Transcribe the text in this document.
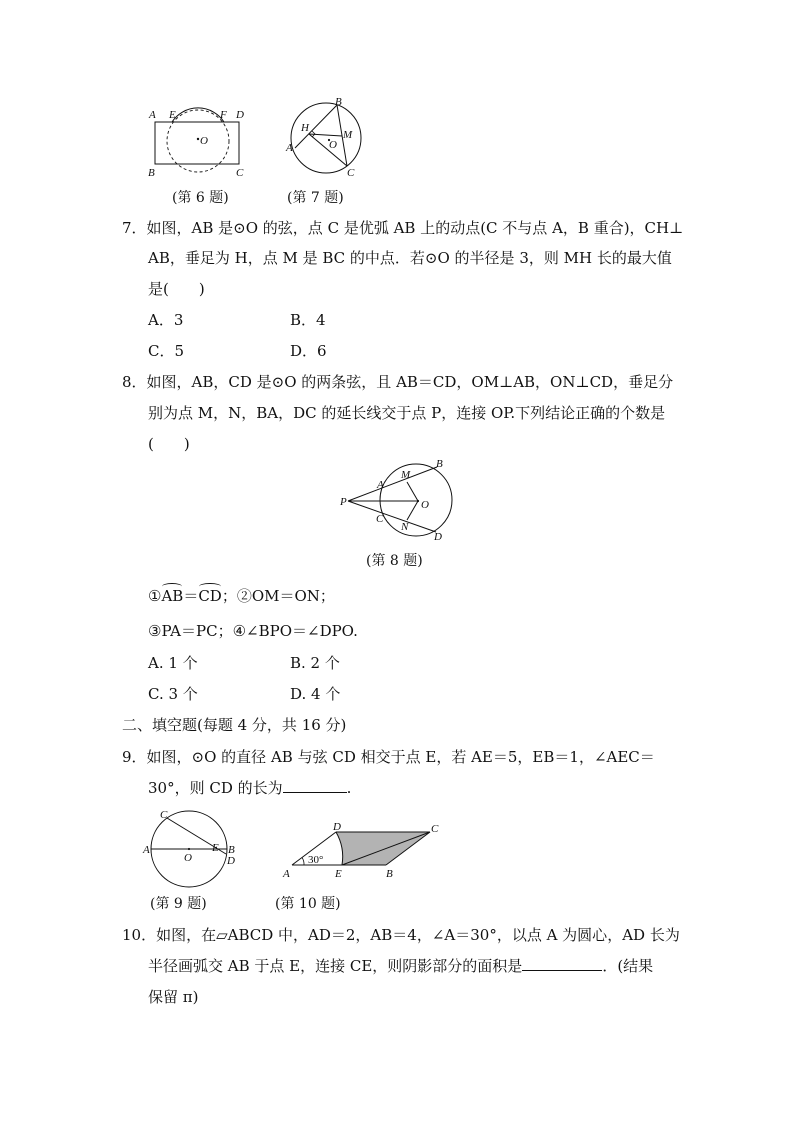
A E	F D
O
B	C
(第 6 题)
B
H
M
O
A
C
(第 7 题)
7．如图，AB 是⊙O 的弦，点 C 是优弧 AB 上的动点(C 不与点 A，B 重合)，CH⊥
AB，垂足为 H，点 M 是 BC 的中点．若⊙O 的半径是 3，则 MH 长的最大值
是(　　)
A．3	B．4
C．5	D．6
8．如图，AB，CD 是⊙O 的两条弦，且 AB＝CD，OM⊥AB，ON⊥CD，垂足分
别为点 M，N，BA，DC 的延长线交于点 P，连接 OP.下列结论正确的个数是
(　　)
B
M
A
P	O
C
N
D
(第 8 题)
①AB＝CD；②OM＝ON；
③PA＝PC；④∠BPO＝∠DPO.
A. 1 个	B. 2 个
C. 3 个	D. 4 个
二、填空题(每题 4 分，共 16 分)
9．如图，⊙O 的直径 AB 与弦 CD 相交于点 E，若 AE＝5，EB＝1，∠AEC＝
30°，则 CD 的长为	.
C
A
O
E B
D
(第 9 题)
D	C
30°
A	E	B
(第 10 题)
10．如图，在▱ABCD 中，AD＝2，AB＝4，∠A＝30°，以点 A 为圆心，AD 长为
半径画弧交 AB 于点 E，连接 CE，则阴影部分的面积是	．(结果
保留 π)
